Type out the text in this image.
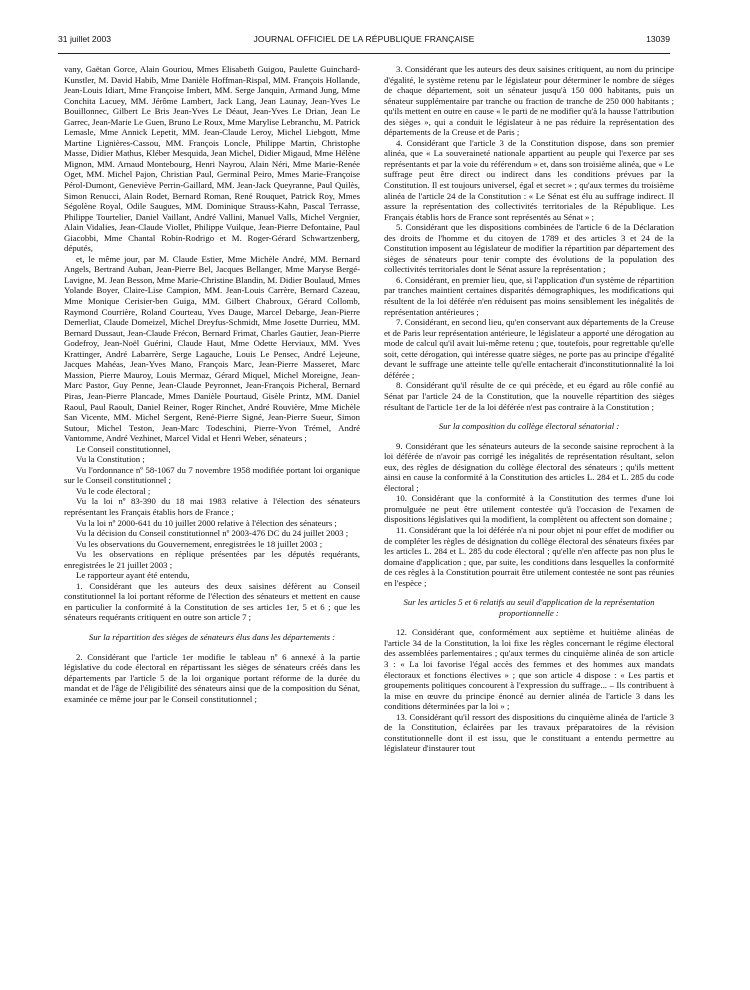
31 juillet 2003	JOURNAL OFFICIEL DE LA RÉPUBLIQUE FRANÇAISE	13039

vany, Gaëtan Gorce, Alain Gouriou, Mmes Elisabeth Guigou, Paulette Guinchard-Kunstler, M. David Habib, Mme Danièle Hoffman-Rispal, MM. François Hollande, Jean-Louis Idiart, Mme Françoise Imbert, MM. Serge Janquin, Armand Jung, Mme Conchita Lacuey, MM. Jérôme Lambert, Jack Lang, Jean Launay, Jean-Yves Le Bouillonnec, Gilbert Le Bris Jean-Yves Le Déaut, Jean-Yves Le Drian, Jean Le Garrec, Jean-Marie Le Guen, Bruno Le Roux, Mme Marylise Lebranchu, M. Patrick Lemasle, Mme Annick Lepetit, MM. Jean-Claude Leroy, Michel Liebgott, Mme Martine Lignières-Cassou, MM. François Loncle, Philippe Martin, Christophe Masse, Didier Mathus, Kléber Mesquida, Jean Michel, Didier Migaud, Mme Hélène Mignon, MM. Arnaud Montebourg, Henri Nayrou, Alain Néri, Mme Marie-Renée Oget, MM. Michel Pajon, Christian Paul, Germinal Peiro, Mmes Marie-Françoise Pérol-Dumont, Geneviève Perrin-Gaillard, MM. Jean-Jack Queyranne, Paul Quilès, Simon Renucci, Alain Rodet, Bernard Roman, René Rouquet, Patrick Roy, Mmes Ségolène Royal, Odile Saugues, MM. Dominique Strauss-Kahn, Pascal Terrasse, Philippe Tourtelier, Daniel Vaillant, André Vallini, Manuel Valls, Michel Vergnier, Alain Vidalies, Jean-Claude Viollet, Philippe Vuilque, Jean-Pierre Defontaine, Paul Giacobbi, Mme Chantal Robin-Rodrigo et M. Roger-Gérard Schwartzenberg, députés,

et, le même jour, par M. Claude Estier, Mme Michèle André, MM. Bernard Angels, Bertrand Auban, Jean-Pierre Bel, Jacques Bellanger, Mme Maryse Bergé-Lavigne, M. Jean Besson, Mme Marie-Christine Blandin, M. Didier Boulaud, Mmes Yolande Boyer, Claire-Lise Campion, MM. Jean-Louis Carrère, Bernard Cazeau, Mme Monique Cerisier-ben Guiga, MM. Gilbert Chabroux, Gérard Collomb, Raymond Courrière, Roland Courteau, Yves Dauge, Marcel Debarge, Jean-Pierre Demerliat, Claude Domeizel, Michel Dreyfus-Schmidt, Mme Josette Durrieu, MM. Bernard Dussaut, Jean-Claude Frécon, Bernard Frimat, Charles Gautier, Jean-Pierre Godefroy, Jean-Noël Guérini, Claude Haut, Mme Odette Herviaux, MM. Yves Krattinger, André Labarrère, Serge Lagauche, Louis Le Pensec, André Lejeune, Jacques Mahéas, Jean-Yves Mano, François Marc, Jean-Pierre Masseret, Marc Massion, Pierre Mauroy, Louis Mermaz, Gérard Miquel, Michel Moreigne, Jean-Marc Pastor, Guy Penne, Jean-Claude Peyronnet, Jean-François Picheral, Bernard Piras, Jean-Pierre Plancade, Mmes Danièle Pourtaud, Gisèle Printz, MM. Daniel Raoul, Paul Raoult, Daniel Reiner, Roger Rinchet, André Rouvière, Mme Michèle San Vicente, MM. Michel Sergent, René-Pierre Signé, Jean-Pierre Sueur, Simon Sutour, Michel Teston, Jean-Marc Todeschini, Pierre-Yvon Trémel, André Vantomme, André Vezhinet, Marcel Vidal et Henri Weber, sénateurs ;

Le Conseil constitutionnel,

Vu la Constitution ;

Vu l'ordonnance nº 58-1067 du 7 novembre 1958 modifiée portant loi organique sur le Conseil constitutionnel ;

Vu le code électoral ;

Vu la loi nº 83-390 du 18 mai 1983 relative à l'élection des sénateurs représentant les Français établis hors de France ;

Vu la loi nº 2000-641 du 10 juillet 2000 relative à l'élection des sénateurs ;

Vu la décision du Conseil constitutionnel nº 2003-476 DC du 24 juillet 2003 ;

Vu les observations du Gouvernement, enregistrées le 18 juillet 2003 ;

Vu les observations en réplique présentées par les députés requérants, enregistrées le 21 juillet 2003 ;

Le rapporteur ayant été entendu,

1. Considérant que les auteurs des deux saisines défèrent au Conseil constitutionnel la loi portant réforme de l'élection des sénateurs et mettent en cause en particulier la conformité à la Constitution de ses articles 1er, 5 et 6 ; que les sénateurs requérants critiquent en outre son article 7 ;

Sur la répartition des sièges de sénateurs élus dans les départements :

2. Considérant que l'article 1er modifie le tableau nº 6 annexé à la partie législative du code électoral en répartissant les sièges de sénateurs créés dans les départements par l'article 5 de la loi organique portant réforme de la durée du mandat et de l'âge de l'éligibilité des sénateurs ainsi que de la composition du Sénat, examinée ce même jour par le Conseil constitutionnel ;

3. Considérant que les auteurs des deux saisines critiquent, au nom du principe d'égalité, le système retenu par le législateur pour déterminer le nombre de sièges de chaque département, soit un sénateur jusqu'à 150 000 habitants, puis un sénateur supplémentaire par tranche ou fraction de tranche de 250 000 habitants ; qu'ils mettent en outre en cause « le parti de ne modifier qu'à la hausse l'attribution des sièges », qui a conduit le législateur à ne pas réduire la représentation des départements de la Creuse et de Paris ;

4. Considérant que l'article 3 de la Constitution dispose, dans son premier alinéa, que « La souveraineté nationale appartient au peuple qui l'exerce par ses représentants et par la voie du référendum » et, dans son troisième alinéa, que « Le suffrage peut être direct ou indirect dans les conditions prévues par la Constitution. Il est toujours universel, égal et secret » ; qu'aux termes du troisième alinéa de l'article 24 de la Constitution : « Le Sénat est élu au suffrage indirect. Il assure la représentation des collectivités territoriales de la République. Les Français établis hors de France sont représentés au Sénat » ;

5. Considérant que les dispositions combinées de l'article 6 de la Déclaration des droits de l'homme et du citoyen de 1789 et des articles 3 et 24 de la Constitution imposent au législateur de modifier la répartition par département des sièges de sénateurs pour tenir compte des évolutions de la population des collectivités territoriales dont le Sénat assure la représentation ;

6. Considérant, en premier lieu, que, si l'application d'un système de répartition par tranches maintient certaines disparités démographiques, les modifications qui résultent de la loi déférée n'en réduisent pas moins sensiblement les inégalités de représentation antérieures ;

7. Considérant, en second lieu, qu'en conservant aux départements de la Creuse et de Paris leur représentation antérieure, le législateur a apporté une dérogation au mode de calcul qu'il avait lui-même retenu ; que, toutefois, pour regrettable qu'elle soit, cette dérogation, qui intéresse quatre sièges, ne porte pas au principe d'égalité devant le suffrage une atteinte telle qu'elle entacherait d'inconstitutionnalité la loi déférée ;

8. Considérant qu'il résulte de ce qui précède, et eu égard au rôle confié au Sénat par l'article 24 de la Constitution, que la nouvelle répartition des sièges résultant de l'article 1er de la loi déférée n'est pas contraire à la Constitution ;

Sur la composition du collège électoral sénatorial :

9. Considérant que les sénateurs auteurs de la seconde saisine reprochent à la loi déférée de n'avoir pas corrigé les inégalités de représentation résultant, selon eux, des règles de désignation du collège électoral des sénateurs ; qu'ils mettent ainsi en cause la conformité à la Constitution des articles L. 284 et L. 285 du code électoral ;

10. Considérant que la conformité à la Constitution des termes d'une loi promulguée ne peut être utilement contestée qu'à l'occasion de l'examen de dispositions législatives qui la modifient, la complètent ou affectent son domaine ;

11. Considérant que la loi déférée n'a ni pour objet ni pour effet de modifier ou de compléter les règles de désignation du collège électoral des sénateurs fixées par les articles L. 284 et L. 285 du code électoral ; qu'elle n'en affecte pas non plus le domaine d'application ; que, par suite, les conditions dans lesquelles la conformité de ces règles à la Constitution pourrait être utilement contestée ne sont pas réunies en l'espèce ;

Sur les articles 5 et 6 relatifs au seuil d'application de la représentation proportionnelle :

12. Considérant que, conformément aux septième et huitième alinéas de l'article 34 de la Constitution, la loi fixe les règles concernant le régime électoral des assemblées parlementaires ; qu'aux termes du cinquième alinéa de son article 3 : « La loi favorise l'égal accès des femmes et des hommes aux mandats électoraux et fonctions électives » ; que son article 4 dispose : « Les partis et groupements politiques concourent à l'expression du suffrage... – Ils contribuent à la mise en œuvre du principe énoncé au dernier alinéa de l'article 3 dans les conditions déterminées par la loi » ;

13. Considérant qu'il ressort des dispositions du cinquième alinéa de l'article 3 de la Constitution, éclairées par les travaux préparatoires de la révision constitutionnelle dont il est issu, que le constituant a entendu permettre au législateur d'instaurer tout
